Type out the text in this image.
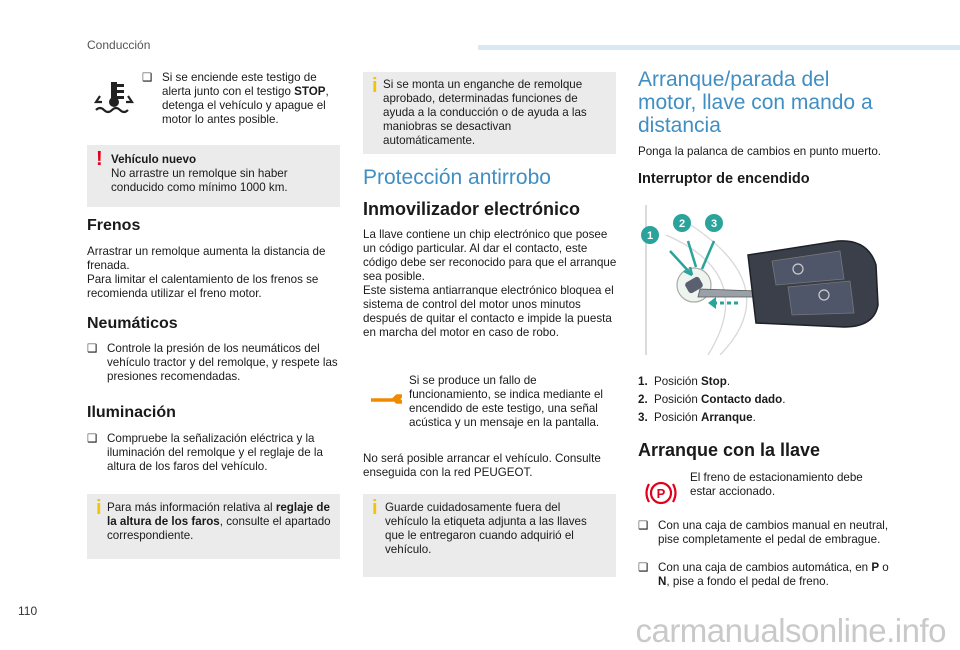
Conducción
❑ Si se enciende este testigo de alerta junto con el testigo STOP, detenga el vehículo y apague el motor lo antes posible.
! Vehículo nuevo
No arrastre un remolque sin haber conducido como mínimo 1000 km.
Frenos

Arrastrar un remolque aumenta la distancia de frenada.

Para limitar el calentamiento de los frenos se recomienda utilizar el freno motor.

Neumáticos
❑ Controle la presión de los neumáticos del vehículo tractor y del remolque, y respete las presiones recomendadas.
Iluminación
❑ Compruebe la señalización eléctrica y la iluminación del remolque y el reglaje de la altura de los faros del vehículo.
i Para más información relativa al reglaje de la altura de los faros, consulte el apartado correspondiente.
i Si se monta un enganche de remolque aprobado, determinadas funciones de ayuda a la conducción o de ayuda a las maniobras se desactivan automáticamente.
Protección antirrobo
Inmovilizador electrónico

La llave contiene un chip electrónico que posee un código particular. Al dar el contacto, este código debe ser reconocido para que el arranque sea posible.

Este sistema antiarranque electrónico bloquea el sistema de control del motor unos minutos después de quitar el contacto e impide la puesta en marcha del motor en caso de robo.

Si se produce un fallo de funcionamiento, se indica mediante el encendido de este testigo, una señal acústica y un mensaje en la pantalla.
No será posible arrancar el vehículo. Consulte enseguida con la red PEUGEOT.
i Guarde cuidadosamente fuera del vehículo la etiqueta adjunta a las llaves que le entregaron cuando adquirió el vehículo.
Arranque/parada del motor, llave con mando a distancia
Ponga la palanca de cambios en punto muerto.
Interruptor de encendido
1
2 3

1. Posición Stop.

2. Posición Contacto dado.

3. Posición Arranque.

Arranque con la llave
P
El freno de estacionamiento debe estar accionado.
❑ Con una caja de cambios manual en neutral, pise completamente el pedal de embrague.
❑ Con una caja de cambios automática, en P o N, pise a fondo el pedal de freno.
110
carmanualsonline.info
